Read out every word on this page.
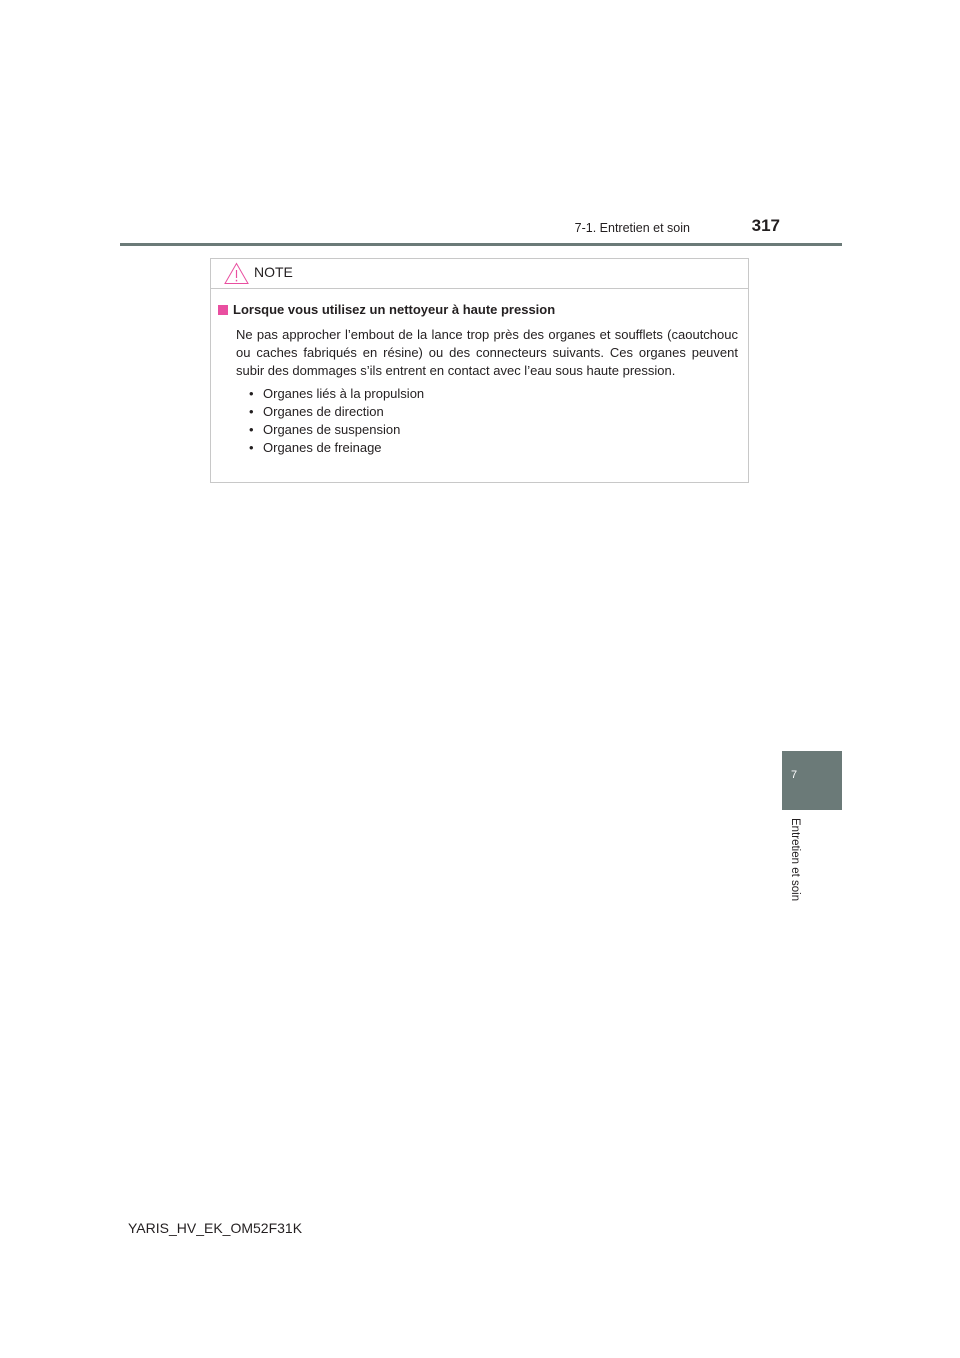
7-1. Entretien et soin	317
7
Entretien et soin
NOTE
Lorsque vous utilisez un nettoyeur à haute pression

Ne pas approcher l’embout de la lance trop près des organes et soufflets (caoutchouc ou caches fabriqués en résine) ou des connecteurs suivants. Ces organes peuvent subir des dommages s’ils entrent en contact avec l’eau sous haute pression.

• Organes liés à la propulsion
• Organes de direction
• Organes de suspension
• Organes de freinage
YARIS_HV_EK_OM52F31K
